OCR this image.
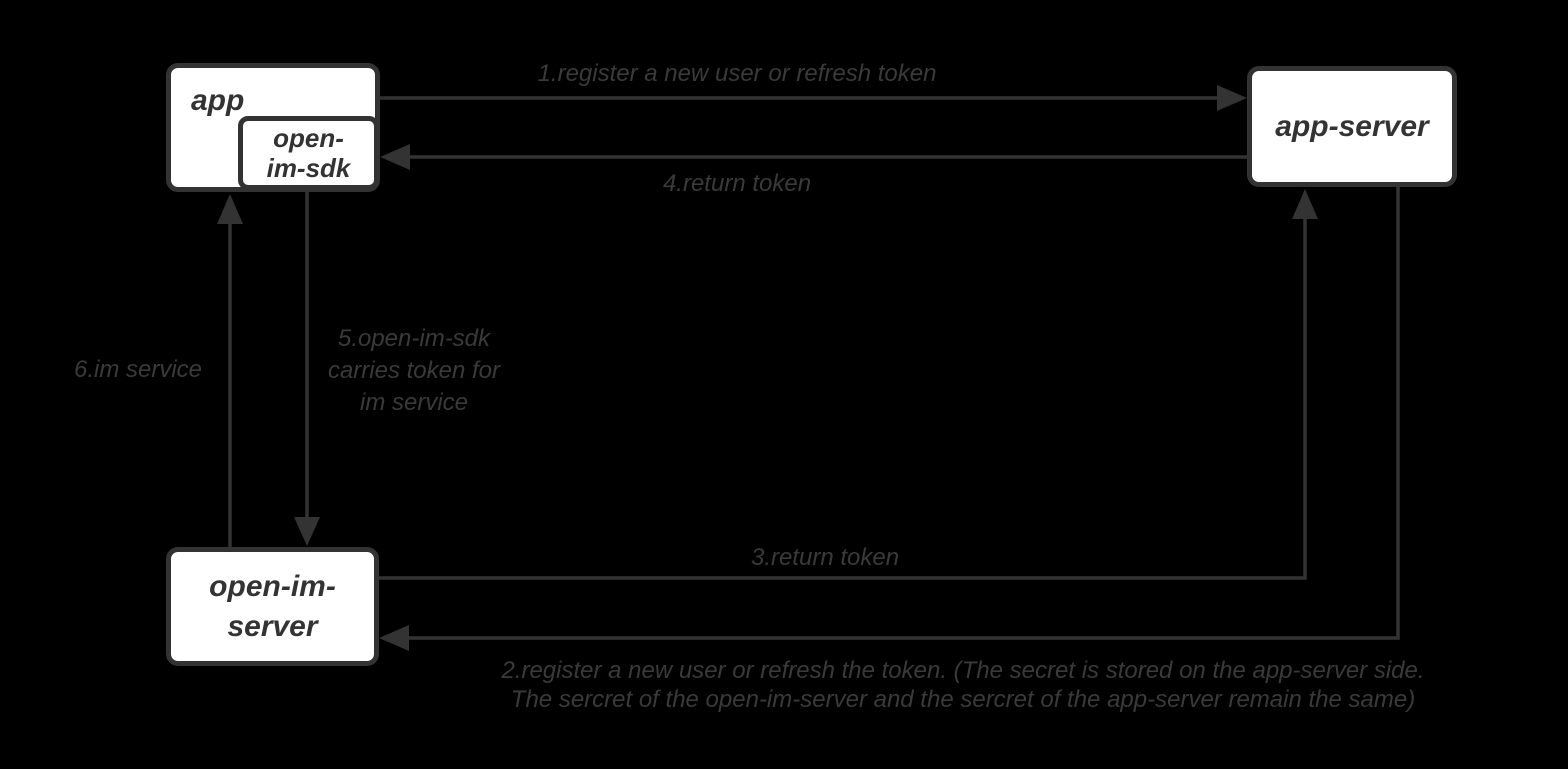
app
open-
im-sdk
app-server
open-im-
server
1.register a new user or refresh token
4.return token
5.open-im-sdk
carries token for
im service
6.im service
3.return token
2.register a new user or refresh the token. (The secret is stored on the app-server side.
The sercret of the open-im-server and the sercret of the app-server remain the same)
